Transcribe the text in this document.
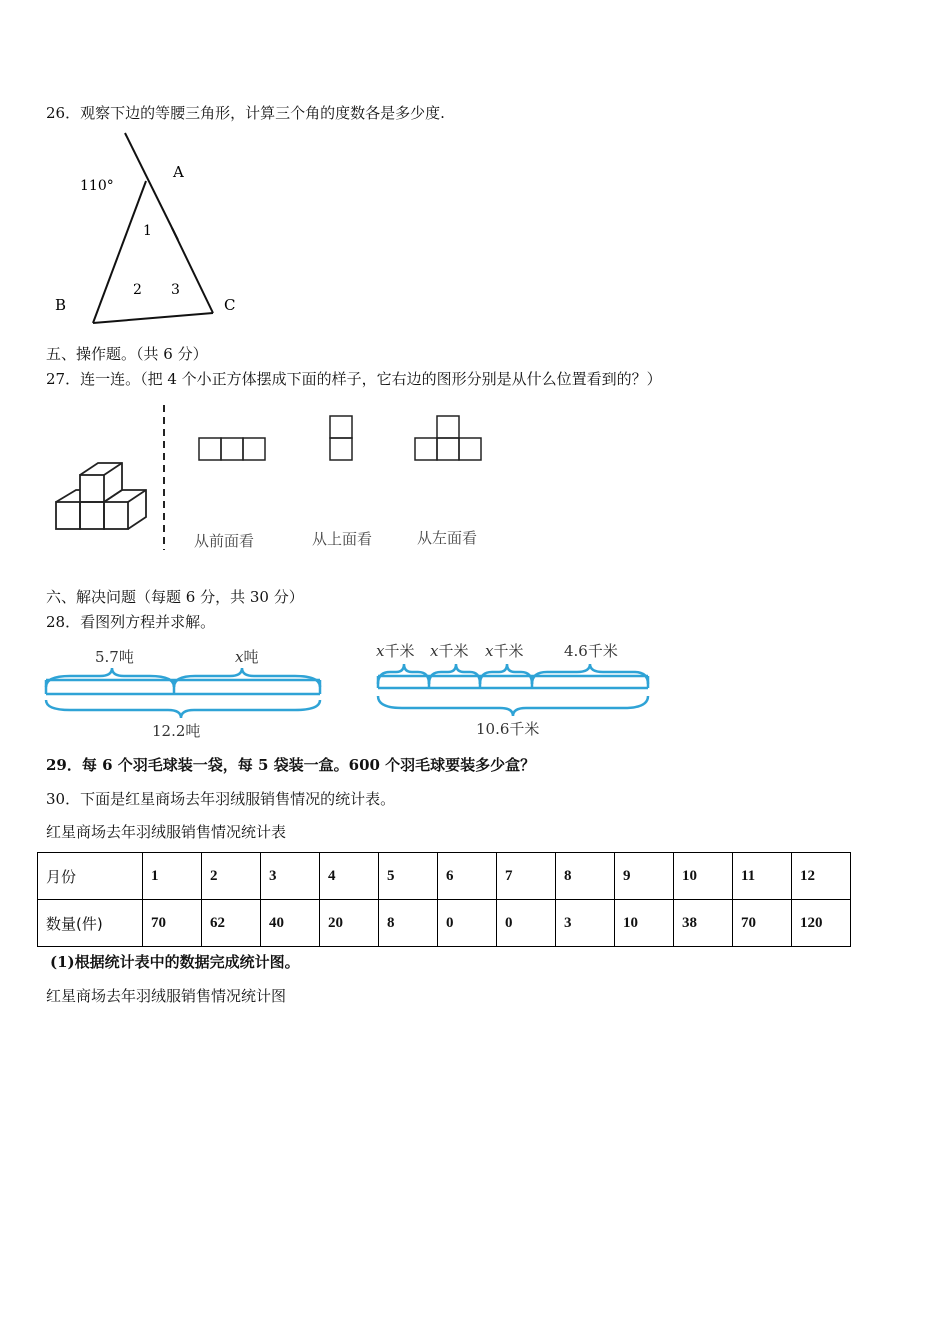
26．观察下边的等腰三角形，计算三个角的度数各是多少度.
110°
A
B	C
1
2 3
五、操作题。（共 6 分）
27．连一连。（把 4 个小正方体摆成下面的样子，它右边的图形分别是从什么位置看到的？）
从前面看	从上面看	从左面看
六、解决问题（每题 6 分，共 30 分）
28．看图列方程并求解。
5.7吨	x吨
12.2吨
x千米 x千米 x千米	4.6千米
10.6千米
29．每 6 个羽毛球装一袋，每 5 袋装一盒。600 个羽毛球要装多少盒？
30．下面是红星商场去年羽绒服销售情况的统计表。
红星商场去年羽绒服销售情况统计表
月份	1	2	3	4	5	6	7	8	9	10	11	12
数量(件)	70	62	40	20	8	0	0	3	10	38	70	120
(1)根据统计表中的数据完成统计图。
红星商场去年羽绒服销售情况统计图
